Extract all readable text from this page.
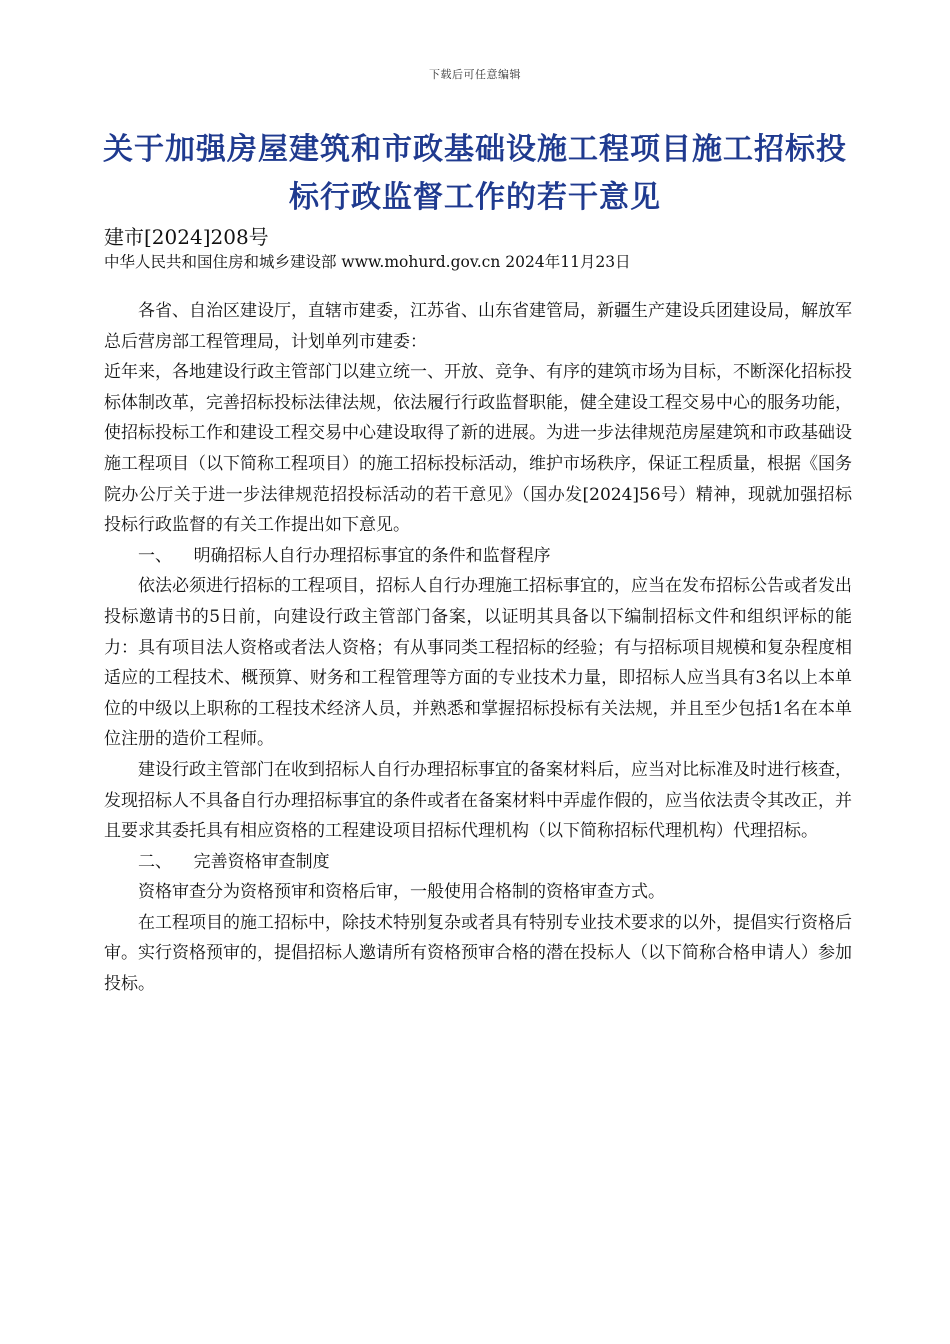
下载后可任意编辑
关于加强房屋建筑和市政基础设施工程项目施工招标投标行政监督工作的若干意见
建市[2024]208号
中华人民共和国住房和城乡建设部 www.mohurd.gov.cn 2024年11月23日

各省、自治区建设厅，直辖市建委，江苏省、山东省建管局，新疆生产建设兵团建设局，解放军总后营房部工程管理局，计划单列市建委：

近年来，各地建设行政主管部门以建立统一、开放、竞争、有序的建筑市场为目标，不断深化招标投标体制改革，完善招标投标法律法规，依法履行行政监督职能，健全建设工程交易中心的服务功能，使招标投标工作和建设工程交易中心建设取得了新的进展。为进一步法律规范房屋建筑和市政基础设施工程项目（以下简称工程项目）的施工招标投标活动，维护市场秩序，保证工程质量，根据《国务院办公厅关于进一步法律规范招投标活动的若干意见》（国办发[2024]56号）精神，现就加强招标投标行政监督的有关工作提出如下意见。

一、    明确招标人自行办理招标事宜的条件和监督程序

依法必须进行招标的工程项目，招标人自行办理施工招标事宜的，应当在发布招标公告或者发出投标邀请书的5日前，向建设行政主管部门备案，以证明其具备以下编制招标文件和组织评标的能力：具有项目法人资格或者法人资格；有从事同类工程招标的经验；有与招标项目规模和复杂程度相适应的工程技术、概预算、财务和工程管理等方面的专业技术力量，即招标人应当具有3名以上本单位的中级以上职称的工程技术经济人员，并熟悉和掌握招标投标有关法规，并且至少包括1名在本单位注册的造价工程师。

建设行政主管部门在收到招标人自行办理招标事宜的备案材料后，应当对比标准及时进行核查，发现招标人不具备自行办理招标事宜的条件或者在备案材料中弄虚作假的，应当依法责令其改正，并且要求其委托具有相应资格的工程建设项目招标代理机构（以下简称招标代理机构）代理招标。

二、    完善资格审查制度

资格审查分为资格预审和资格后审，一般使用合格制的资格审查方式。

在工程项目的施工招标中，除技术特别复杂或者具有特别专业技术要求的以外，提倡实行资格后审。实行资格预审的，提倡招标人邀请所有资格预审合格的潜在投标人（以下简称合格申请人）参加投标。
